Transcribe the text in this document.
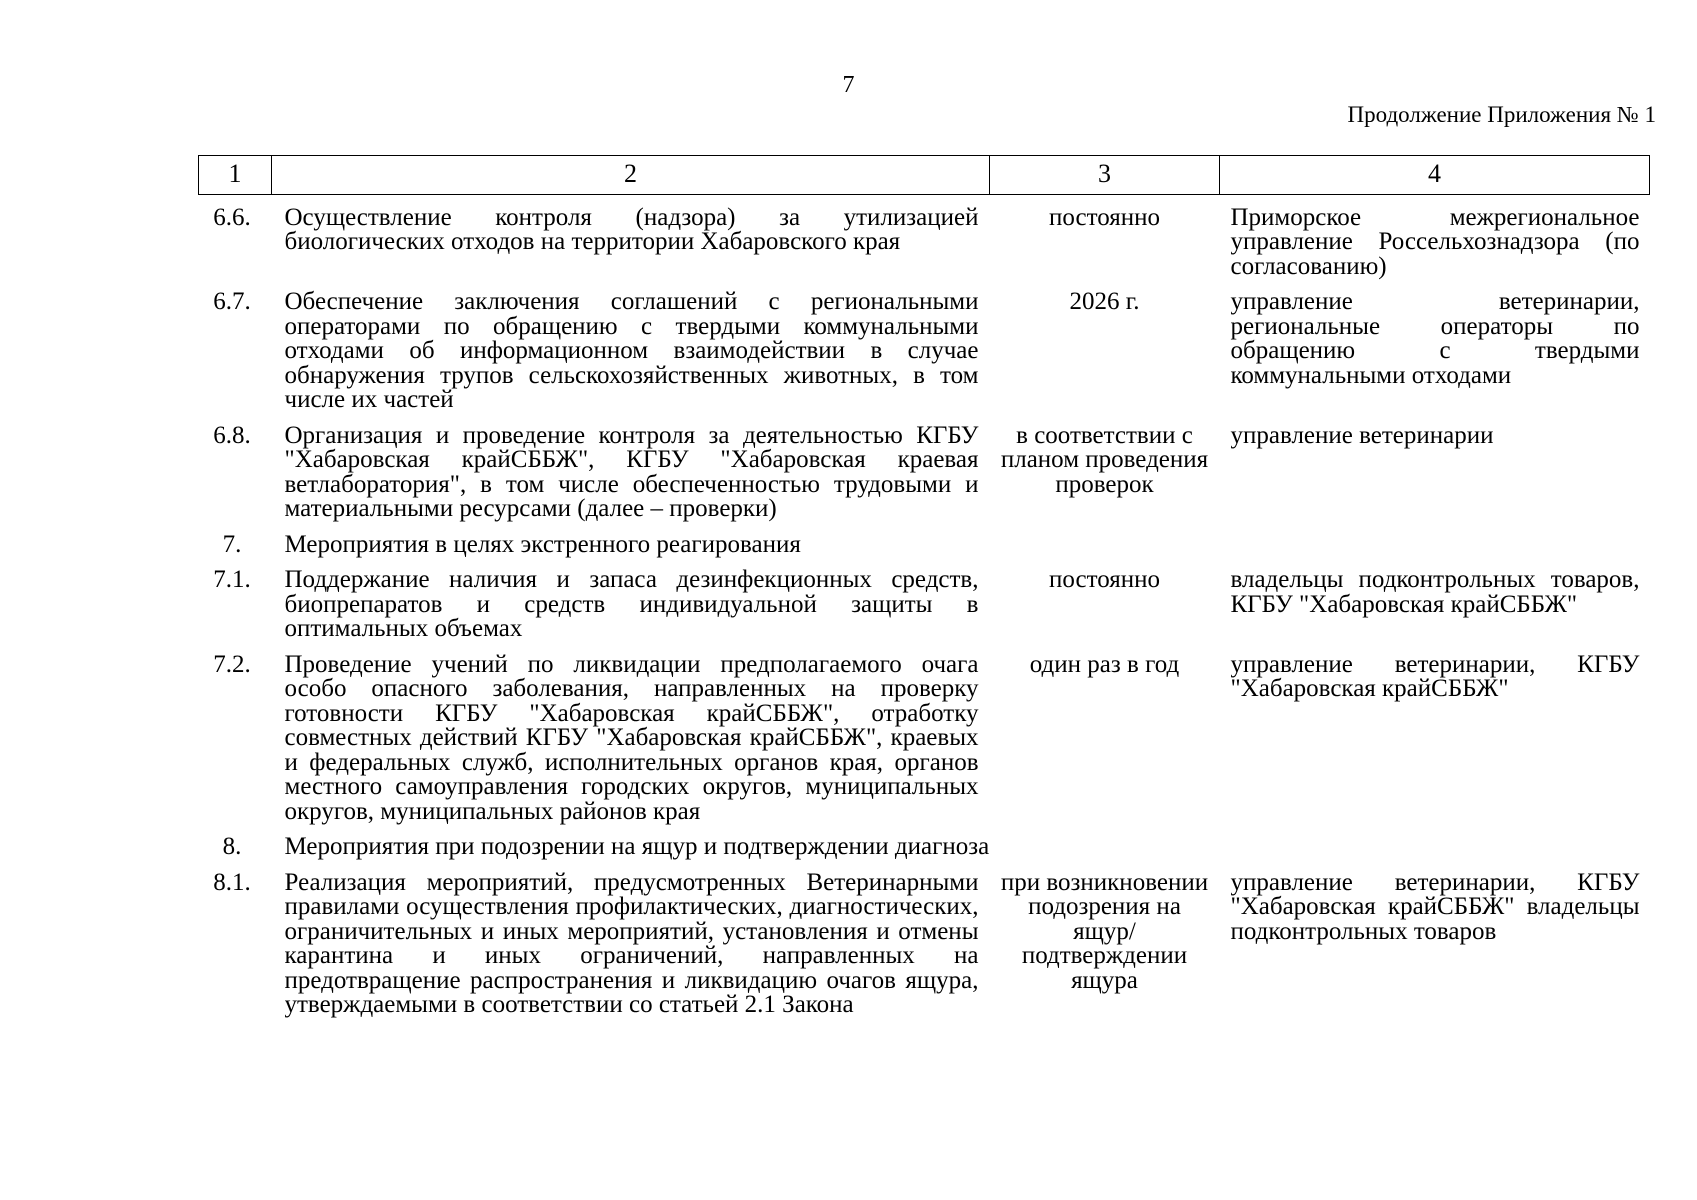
7
Продолжение Приложения № 1
1	2	3	4

6.6.	Осуществление контроля (надзора) за утилизацией биологических отходов на территории Хабаровского края	постоянно	Приморское межрегиональное управление Россельхознадзора (по согласованию)
6.7.	Обеспечение заключения соглашений с региональными операторами по обращению с твердыми коммунальными отходами об информационном взаимодействии в случае обнаружения трупов сельскохозяйственных животных, в том числе их частей	2026 г.	управление ветеринарии, региональные операторы по обращению с твердыми коммунальными отходами
6.8.	Организация и проведение контроля за деятельностью КГБУ "Хабаровская крайСББЖ", КГБУ "Хабаровская краевая ветлаборатория", в том числе обеспеченностью трудовыми и материальными ресурсами (далее – проверки)	в соответствии с планом проведения проверок	управление ветеринарии
7.	Мероприятия в целях экстренного реагирования		
7.1.	Поддержание наличия и запаса дезинфекционных средств, биопрепаратов и средств индивидуальной защиты в оптимальных объемах	постоянно	владельцы подконтрольных товаров, КГБУ "Хабаровская крайСББЖ"
7.2.	Проведение учений по ликвидации предполагаемого очага особо опасного заболевания, направленных на проверку готовности КГБУ "Хабаровская крайСББЖ", отработку совместных действий КГБУ "Хабаровская крайСББЖ", краевых и федеральных служб, исполнительных органов края, органов местного самоуправления городских округов, муниципальных округов, муниципальных районов края	один раз в год	управление ветеринарии, КГБУ "Хабаровская крайСББЖ"
8.	Мероприятия при подозрении на ящур и подтверждении диагноза		
8.1.	Реализация мероприятий, предусмотренных Ветеринарными правилами осуществления профилактических, диагностических, ограничительных и иных мероприятий, установления и отмены карантина и иных ограничений, направленных на предотвращение распространения и ликвидацию очагов ящура, утверждаемыми в соответствии со статьей 2.1 Закона	при возникновении подозрения на ящур/подтверждении ящура	управление ветеринарии, КГБУ "Хабаровская крайСББЖ" владельцы подконтрольных товаров
